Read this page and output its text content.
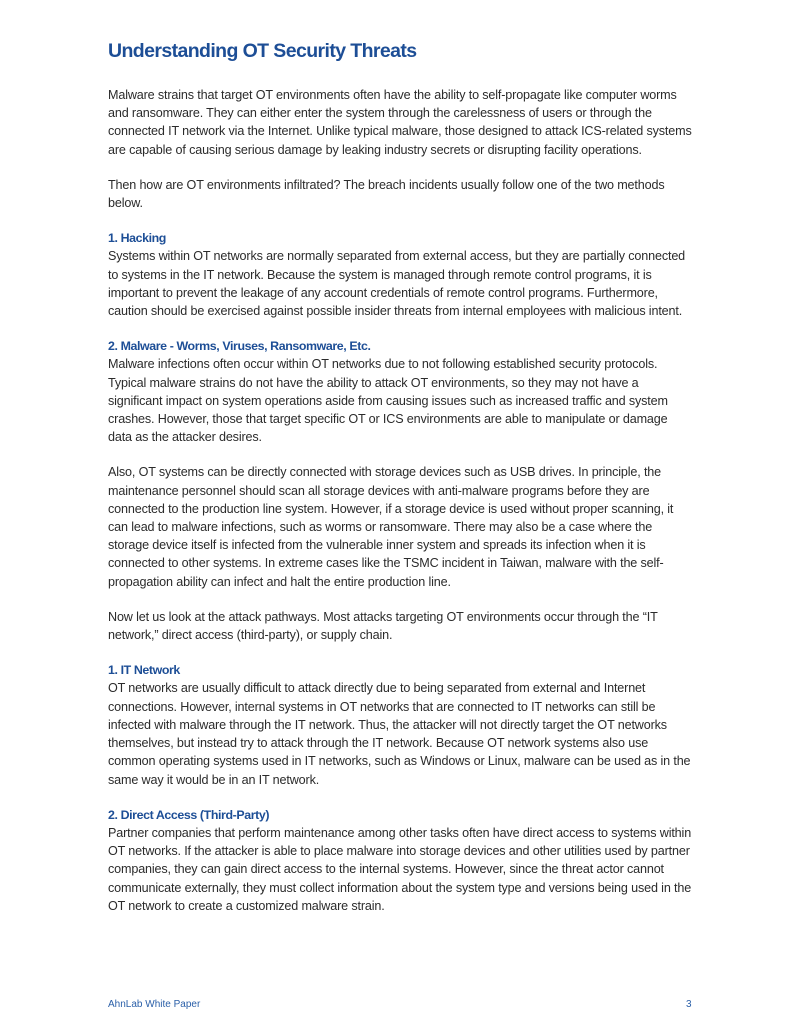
Understanding OT Security Threats

Malware strains that target OT environments often have the ability to self-propagate like computer worms and ransomware. They can either enter the system through the carelessness of users or through the connected IT network via the Internet. Unlike typical malware, those designed to attack ICS-related systems are capable of causing serious damage by leaking industry secrets or disrupting facility operations.

Then how are OT environments infiltrated? The breach incidents usually follow one of the two methods below.

1. Hacking

Systems within OT networks are normally separated from external access, but they are partially connected to systems in the IT network. Because the system is managed through remote control programs, it is important to prevent the leakage of any account credentials of remote control programs. Furthermore, caution should be exercised against possible insider threats from internal employees with malicious intent.

2. Malware - Worms, Viruses, Ransomware, Etc.

Malware infections often occur within OT networks due to not following established security protocols. Typical malware strains do not have the ability to attack OT environments, so they may not have a significant impact on system operations aside from causing issues such as increased traffic and system crashes. However, those that target specific OT or ICS environments are able to manipulate or damage data as the attacker desires.

Also, OT systems can be directly connected with storage devices such as USB drives. In principle, the maintenance personnel should scan all storage devices with anti-malware programs before they are connected to the production line system. However, if a storage device is used without proper scanning, it can lead to malware infections, such as worms or ransomware. There may also be a case where the storage device itself is infected from the vulnerable inner system and spreads its infection when it is connected to other systems. In extreme cases like the TSMC incident in Taiwan, malware with the self-propagation ability can infect and halt the entire production line.

Now let us look at the attack pathways. Most attacks targeting OT environments occur through the “IT network,” direct access (third-party), or supply chain.

1. IT Network

OT networks are usually difficult to attack directly due to being separated from external and Internet connections. However, internal systems in OT networks that are connected to IT networks can still be infected with malware through the IT network. Thus, the attacker will not directly target the OT networks themselves, but instead try to attack through the IT network. Because OT network systems also use common operating systems used in IT networks, such as Windows or Linux, malware can be used as in the same way it would be in an IT network.

2. Direct Access (Third-Party)

Partner companies that perform maintenance among other tasks often have direct access to systems within OT networks. If the attacker is able to place malware into storage devices and other utilities used by partner companies, they can gain direct access to the internal systems. However, since the threat actor cannot communicate externally, they must collect information about the system type and versions being used in the OT network to create a customized malware strain.

AhnLab White Paper	3
